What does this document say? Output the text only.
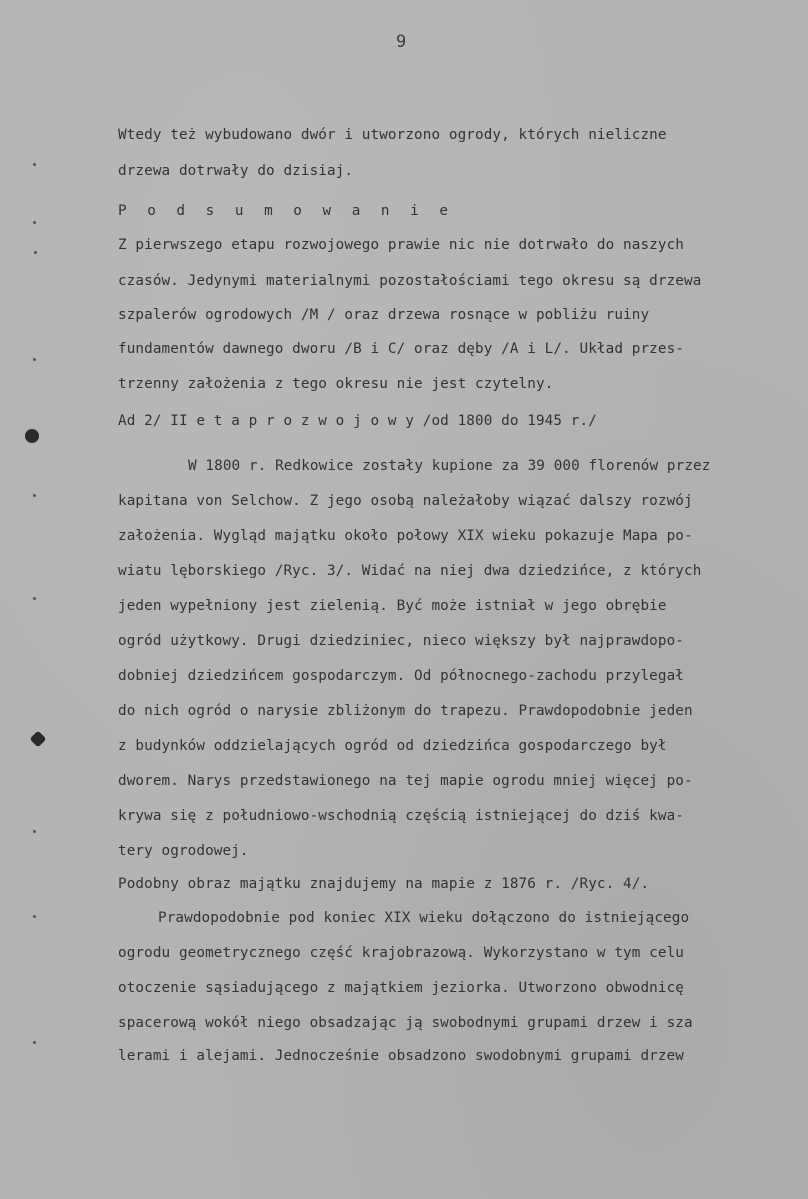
9
Wtedy też wybudowano dwór i utworzono ogrody, których nieliczne
drzewa dotrwały do dzisiaj.
P o d s u m o w a n i e
Z pierwszego etapu rozwojowego prawie nic nie dotrwało do naszych
czasów. Jedynymi materialnymi pozostałościami tego okresu są drzewa
szpalerów ogrodowych /M / oraz drzewa rosnące w pobliżu ruiny
fundamentów dawnego dworu /B i C/ oraz dęby /A i L/. Układ przes-
trzenny założenia z tego okresu nie jest czytelny.
Ad 2/ II e t a p r o z w o j o w y /od 1800 do 1945 r./
W 1800 r. Redkowice zostały kupione za 39 000 florenów przez
kapitana von Selchow. Z jego osobą należałoby wiązać dalszy rozwój
założenia. Wygląd majątku około połowy XIX wieku pokazuje Mapa po-
wiatu lęborskiego /Ryc. 3/. Widać na niej dwa dziedzińce, z których
jeden wypełniony jest zielenią. Być może istniał w jego obrębie
ogród użytkowy. Drugi dziedziniec, nieco większy był najprawdopo-
dobniej dziedzińcem gospodarczym. Od północnego-zachodu przylegał
do nich ogród o narysie zbliżonym do trapezu. Prawdopodobnie jeden
z budynków oddzielających ogród od dziedzińca gospodarczego był
dworem. Narys przedstawionego na tej mapie ogrodu mniej więcej po-
krywa się z południowo-wschodnią częścią istniejącej do dziś kwa-
tery ogrodowej.
Podobny obraz majątku znajdujemy na mapie z 1876 r. /Ryc. 4/.
Prawdopodobnie pod koniec XIX wieku dołączono do istniejącego
ogrodu geometrycznego część krajobrazową. Wykorzystano w tym celu
otoczenie sąsiadującego z majątkiem jeziorka. Utworzono obwodnicę
spacerową wokół niego obsadzając ją swobodnymi grupami drzew i sza
lerami i alejami. Jednocześnie obsadzono swodobnymi grupami drzew
